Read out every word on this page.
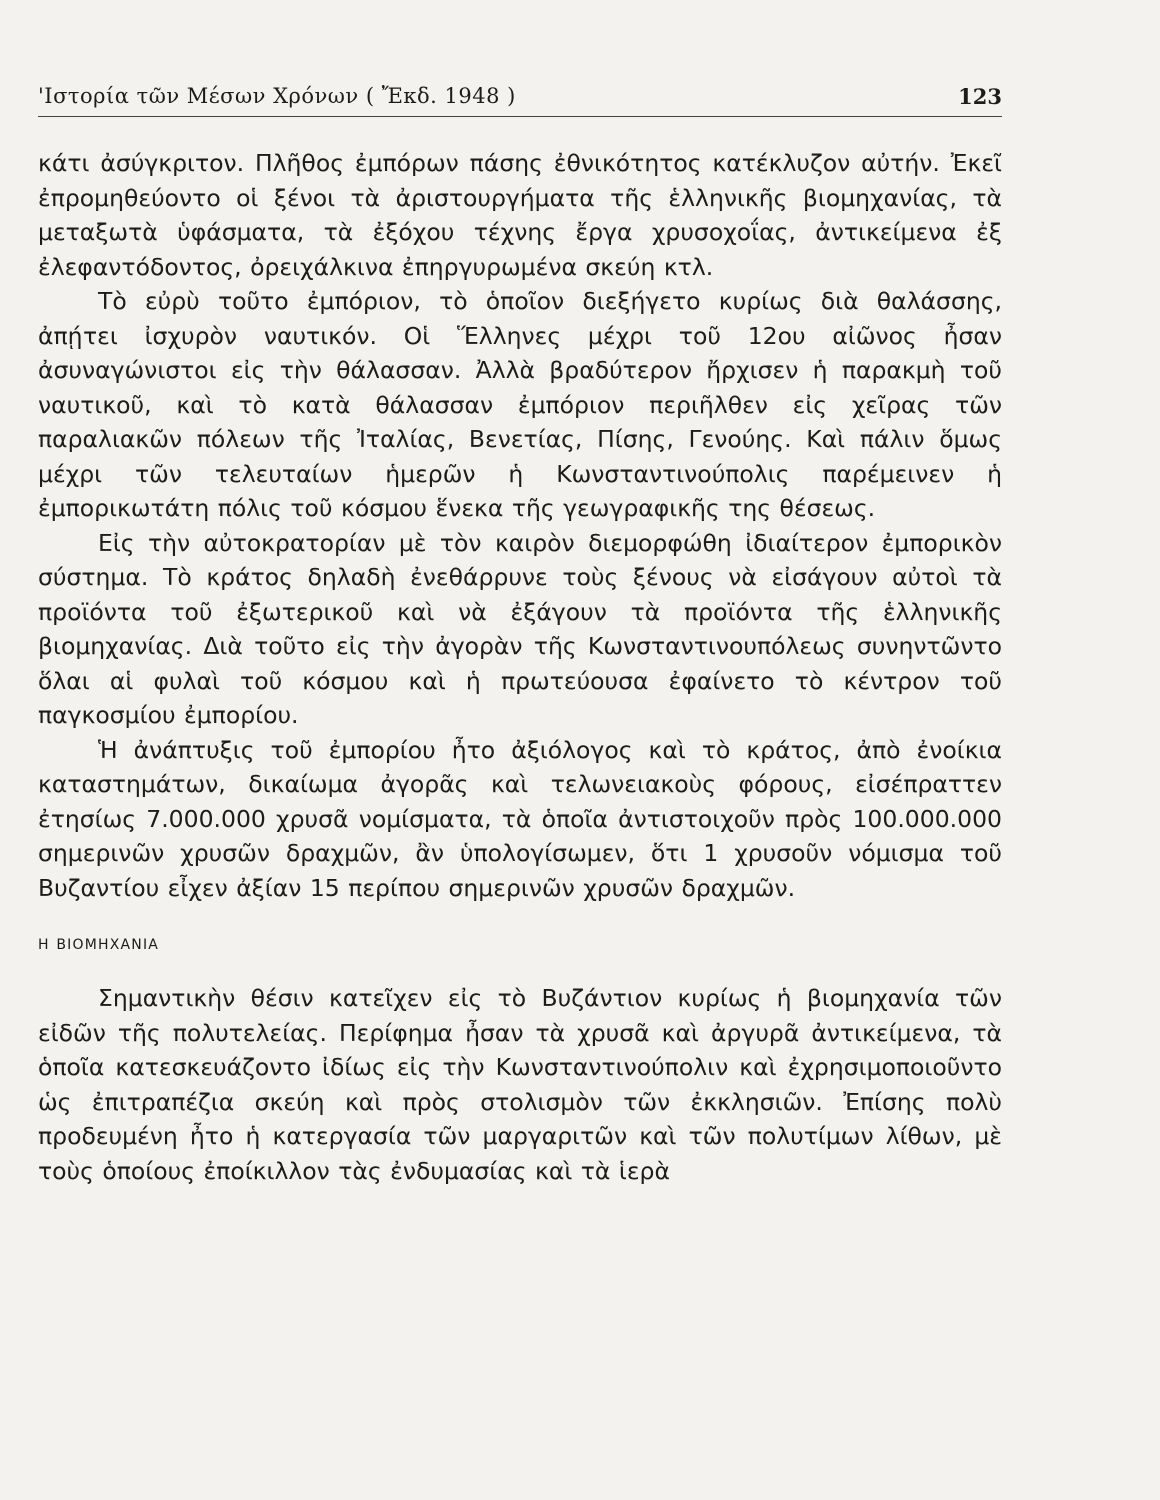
'Ιστορία τῶν Μέσων Χρόνων ( Ἔκδ. 1948 )	123

κάτι ἀσύγκριτον. Πλῆθος ἐμπόρων πάσης ἐθνικότητος κατέκλυζον αὐτήν. Ἐκεῖ ἐπρομηθεύοντο οἱ ξένοι τὰ ἀριστουργήματα τῆς ἑλληνικῆς βιομηχανίας, τὰ μεταξωτὰ ὑφάσματα, τὰ ἐξόχου τέχνης ἔργα χρυσοχοΐας, ἀντικείμενα ἐξ ἐλεφαντόδοντος, ὀρειχάλκινα ἐπηργυρωμένα σκεύη κτλ.

Τὸ εὐρὺ τοῦτο ἐμπόριον, τὸ ὁποῖον διεξήγετο κυρίως διὰ θαλάσσης, ἀπῄτει ἰσχυρὸν ναυτικόν. Οἱ Ἕλληνες μέχρι τοῦ 12ου αἰῶνος ἦσαν ἀσυναγώνιστοι εἰς τὴν θάλασσαν. Ἀλλὰ βραδύτερον ἤρχισεν ἡ παρακμὴ τοῦ ναυτικοῦ, καὶ τὸ κατὰ θάλασσαν ἐμπόριον περιῆλθεν εἰς χεῖρας τῶν παραλιακῶν πόλεων τῆς Ἰταλίας, Βενετίας, Πίσης, Γενούης. Καὶ πάλιν ὅμως μέχρι τῶν τελευταίων ἡμερῶν ἡ Κωνσταντινούπολις παρέμεινεν ἡ ἐμπορικωτάτη πόλις τοῦ κόσμου ἕνεκα τῆς γεωγραφικῆς της θέσεως.

Εἰς τὴν αὐτοκρατορίαν μὲ τὸν καιρὸν διεμορφώθη ἰδιαίτερον ἐμπορικὸν σύστημα. Τὸ κράτος δηλαδὴ ἐνεθάρρυνε τοὺς ξένους νὰ εἰσάγουν αὐτοὶ τὰ προϊόντα τοῦ ἐξωτερικοῦ καὶ νὰ ἐξάγουν τὰ προϊόντα τῆς ἑλληνικῆς βιομηχανίας. Διὰ τοῦτο εἰς τὴν ἀγορὰν τῆς Κωνσταντινουπόλεως συνηντῶντο ὅλαι αἱ φυλαὶ τοῦ κόσμου καὶ ἡ πρωτεύουσα ἐφαίνετο τὸ κέντρον τοῦ παγκοσμίου ἐμπορίου.

Ἡ ἀνάπτυξις τοῦ ἐμπορίου ἦτο ἀξιόλογος καὶ τὸ κράτος, ἀπὸ ἐνοίκια καταστημάτων, δικαίωμα ἀγορᾶς καὶ τελωνειακοὺς φόρους, εἰσέπραττεν ἐτησίως 7.000.000 χρυσᾶ νομίσματα, τὰ ὁποῖα ἀντιστοιχοῦν πρὸς 100.000.000 σημερινῶν χρυσῶν δραχμῶν, ἂν ὑπολογίσωμεν, ὅτι 1 χρυσοῦν νόμισμα τοῦ Βυζαντίου εἶχεν ἀξίαν 15 περίπου σημερινῶν χρυσῶν δραχμῶν.

Η ΒΙΟΜΗΧΑΝΙΑ

Σημαντικὴν θέσιν κατεῖχεν εἰς τὸ Βυζάντιον κυρίως ἡ βιομηχανία τῶν εἰδῶν τῆς πολυτελείας. Περίφημα ἦσαν τὰ χρυσᾶ καὶ ἀργυρᾶ ἀντικείμενα, τὰ ὁποῖα κατεσκευάζοντο ἰδίως εἰς τὴν Κωνσταντινούπολιν καὶ ἐχρησιμοποιοῦντο ὡς ἐπιτραπέζια σκεύη καὶ πρὸς στολισμὸν τῶν ἐκκλησιῶν. Ἐπίσης πολὺ προδευμένη ἦτο ἡ κατεργασία τῶν μαργαριτῶν καὶ τῶν πολυτίμων λίθων, μὲ τοὺς ὁποίους ἐποίκιλλον τὰς ἐνδυμασίας καὶ τὰ ἱερὰ
